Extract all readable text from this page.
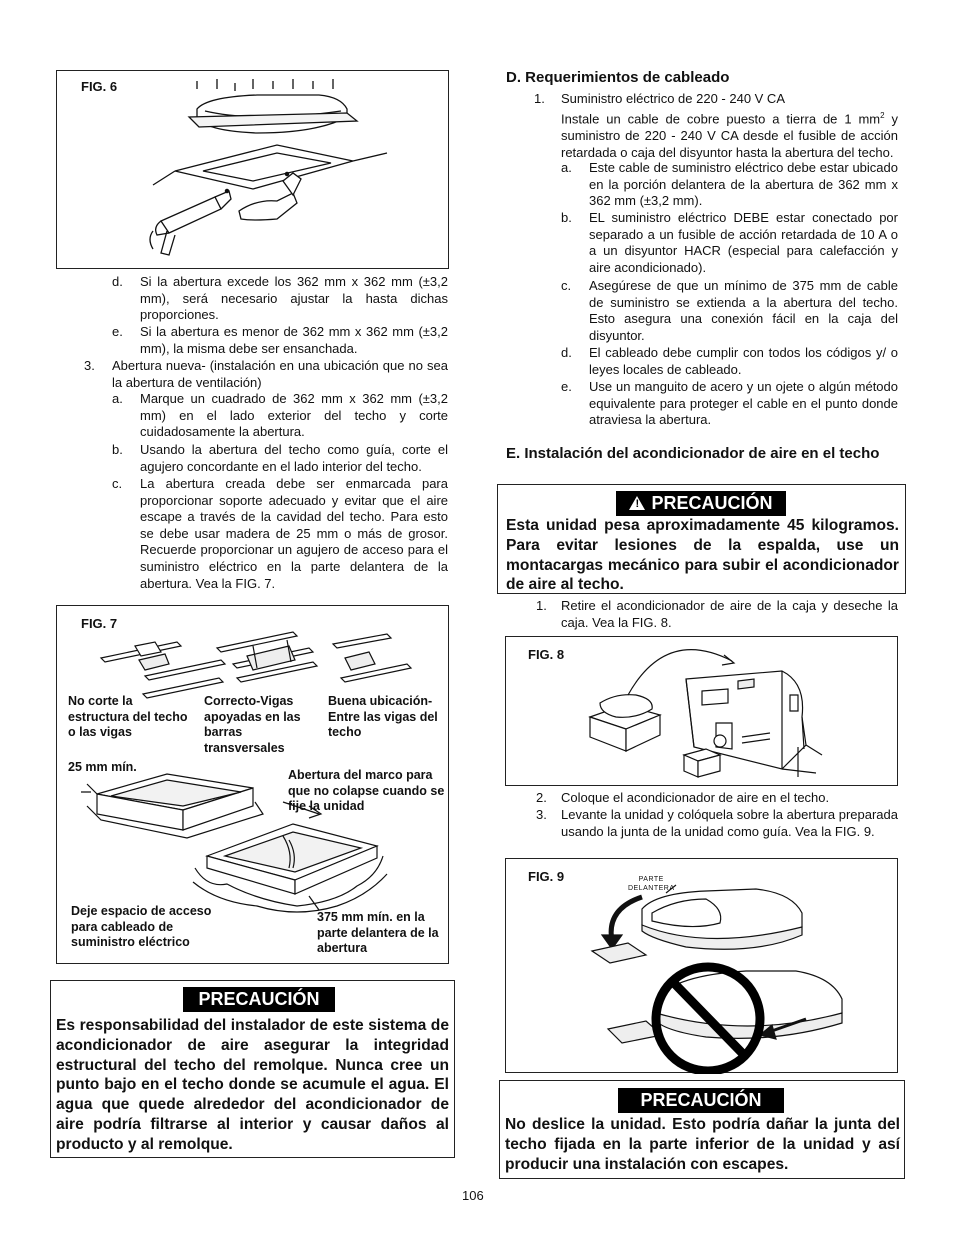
FIG. 6
d. Si la abertura excede los 362 mm x 362 mm (±3,2 mm), será necesario ajustar la hasta dichas proporciones.
e. Si la abertura es menor de 362 mm x 362 mm (±3,2 mm), la misma debe ser ensanchada.
3. Abertura nueva- (instalación en una ubicación que no sea la abertura de ventilación)
a. Marque un cuadrado de 362 mm x 362 mm (±3,2 mm) en el lado exterior del techo y corte cuidadosamente la abertura.
b. Usando la abertura del techo como guía, corte el agujero concordante en el lado interior del techo.
c. La abertura creada debe ser enmarcada para proporcionar soporte adecuado y evitar que el aire escape a través de la cavidad del techo. Para esto se debe usar madera de 25 mm o más de grosor. Recuerde proporcionar un agujero de acceso para el suministro eléctrico en la parte delantera de la abertura. Vea la FIG. 7.
FIG. 7
No corte la estructura del techo o las vigas
Correcto-Vigas apoyadas en las barras transversales
Buena ubicación- Entre las vigas del techo
25 mm mín.
Abertura del marco para que no colapse cuando se fije la unidad
Deje espacio de acceso para cableado de suministro eléctrico
375 mm mín. en la parte delantera de la abertura
PRECAUCIÓN
Es responsabilidad del instalador de este sistema de acondicionador de aire asegurar la integridad estructural del techo del remolque. Nunca cree un punto bajo en el techo donde se acumule el agua. El agua que quede alrededor del acondicionador de aire podría filtrarse al interior y causar daños al producto y al remolque.
D. Requerimientos de cableado
1. Suministro eléctrico de 220 - 240 V CA
Instale un cable de cobre puesto a tierra de 1 $mm^2$ y suministro de 220 - 240 V CA desde el fusible de acción retardada o caja del disyuntor hasta la abertura del techo.
a. Este cable de suministro eléctrico debe estar ubicado en la porción delantera de la abertura de 362 mm x 362 mm (±3,2 mm).
b. EL suministro eléctrico DEBE estar conectado por separado a un fusible de acción retardada de 10 A o a un disyuntor HACR (especial para calefacción y aire acondicionado).
c. Asegúrese de que un mínimo de 375 mm de cable de suministro se extienda a la abertura del techo. Esto asegura una conexión fácil en la caja del disyuntor.
d. El cableado debe cumplir con todos los códigos y/ o leyes locales de cableado.
e. Use un manguito de acero y un ojete o algún método equivalente para proteger el cable en el punto donde atraviesa la abertura.
E. Instalación del acondicionador de aire en el techo
! PRECAUCIÓN
Esta unidad pesa aproximadamente 45 kilogramos. Para evitar lesiones de la espalda, use un montacargas mecánico para subir el acondicionador de aire al techo.
1. Retire el acondicionador de aire de la caja y deseche la caja. Vea la FIG. 8.
FIG. 8
2. Coloque el acondicionador de aire en el techo.
3. Levante la unidad y colóquela sobre la abertura preparada usando la junta de la unidad como guía. Vea la FIG. 9.
FIG. 9	PARTE
DELANTERA
PRECAUCIÓN
No deslice la unidad. Esto podría dañar la junta del techo fijada en la parte inferior de la unidad y así producir una instalación con escapes.
106
